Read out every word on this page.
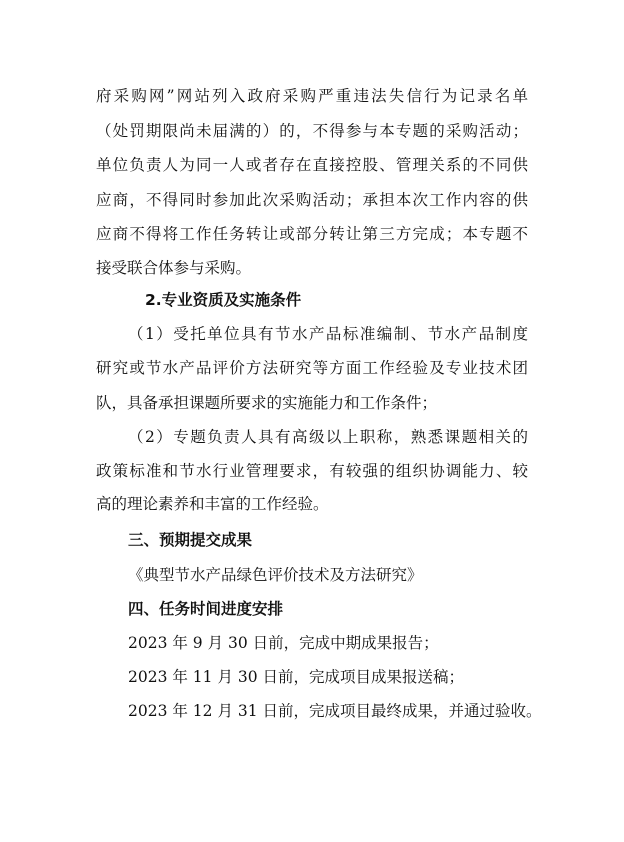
府采购网”网站列入政府采购严重违法失信行为记录名单
（处罚期限尚未届满的）的，不得参与本专题的采购活动；
单位负责人为同一人或者存在直接控股、管理关系的不同供
应商，不得同时参加此次采购活动；承担本次工作内容的供
应商不得将工作任务转让或部分转让第三方完成；本专题不
接受联合体参与采购。
2.专业资质及实施条件
（1）受托单位具有节水产品标准编制、节水产品制度
研究或节水产品评价方法研究等方面工作经验及专业技术团
队，具备承担课题所要求的实施能力和工作条件；
（2）专题负责人具有高级以上职称，熟悉课题相关的
政策标准和节水行业管理要求，有较强的组织协调能力、较
高的理论素养和丰富的工作经验。
三、预期提交成果
《典型节水产品绿色评价技术及方法研究》
四、任务时间进度安排
2023 年 9 月 30 日前，完成中期成果报告；
2023 年 11 月 30 日前，完成项目成果报送稿；
2023 年 12 月 31 日前，完成项目最终成果，并通过验收。
